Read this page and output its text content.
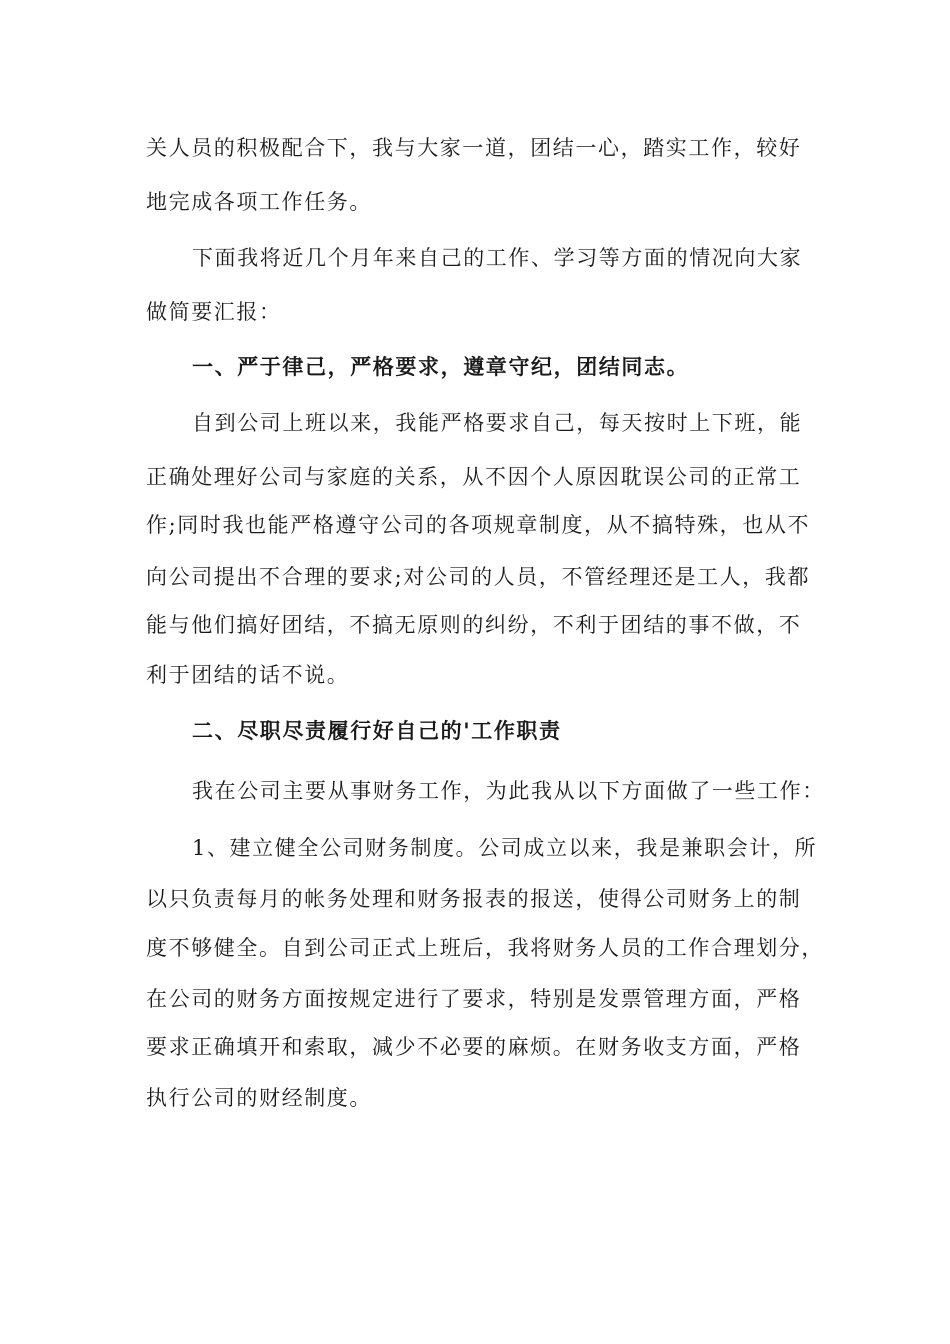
关人员的积极配合下，我与大家一道，团结一心，踏实工作，较好
地完成各项工作任务。
下面我将近几个月年来自己的工作、学习等方面的情况向大家
做简要汇报：
一、严于律己，严格要求，遵章守纪，团结同志。
自到公司上班以来，我能严格要求自己，每天按时上下班，能
正确处理好公司与家庭的关系，从不因个人原因耽误公司的正常工
作;同时我也能严格遵守公司的各项规章制度，从不搞特殊，也从不
向公司提出不合理的要求;对公司的人员，不管经理还是工人，我都
能与他们搞好团结，不搞无原则的纠纷，不利于团结的事不做，不
利于团结的话不说。
二、尽职尽责履行好自己的'工作职责
我在公司主要从事财务工作，为此我从以下方面做了一些工作：
1、建立健全公司财务制度。公司成立以来，我是兼职会计，所
以只负责每月的帐务处理和财务报表的报送，使得公司财务上的制
度不够健全。自到公司正式上班后，我将财务人员的工作合理划分，
在公司的财务方面按规定进行了要求，特别是发票管理方面，严格
要求正确填开和索取，减少不必要的麻烦。在财务收支方面，严格
执行公司的财经制度。
